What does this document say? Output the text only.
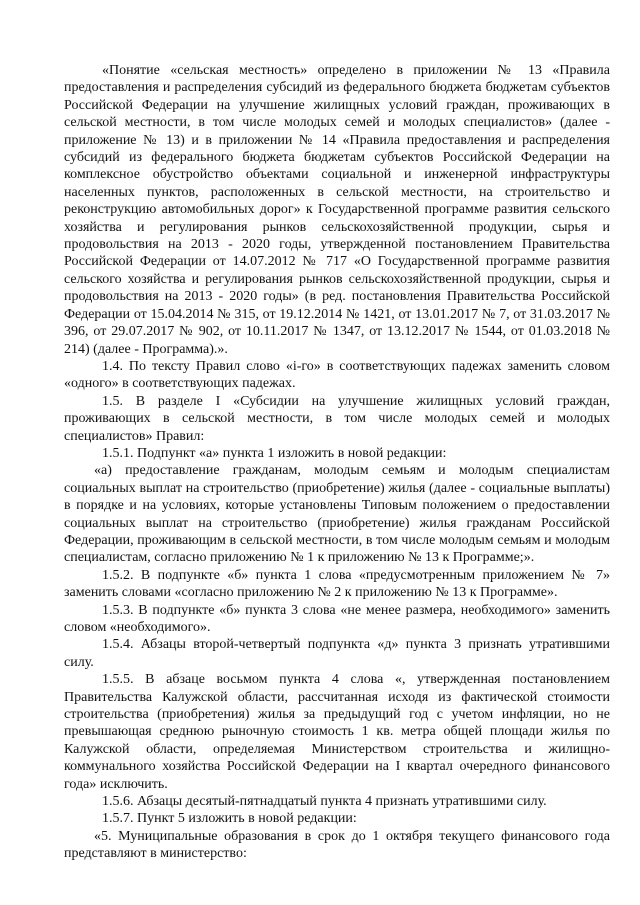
«Понятие «сельская местность» определено в приложении № 13 «Правила предоставления и распределения субсидий из федерального бюджета бюджетам субъектов Российской Федерации на улучшение жилищных условий граждан, проживающих в сельской местности, в том числе молодых семей и молодых специалистов» (далее - приложение № 13) и в приложении № 14 «Правила предоставления и распределения субсидий из федерального бюджета бюджетам субъектов Российской Федерации на комплексное обустройство объектами социальной и инженерной инфраструктуры населенных пунктов, расположенных в сельской местности, на строительство и реконструкцию автомобильных дорог» к Государственной программе развития сельского хозяйства и регулирования рынков сельскохозяйственной продукции, сырья и продовольствия на 2013 - 2020 годы, утвержденной постановлением Правительства Российской Федерации от 14.07.2012 № 717 «О Государственной программе развития сельского хозяйства и регулирования рынков сельскохозяйственной продукции, сырья и продовольствия на 2013 - 2020 годы» (в ред. постановления Правительства Российской Федерации от 15.04.2014 № 315, от 19.12.2014 № 1421, от 13.01.2017 № 7, от 31.03.2017 № 396, от 29.07.2017 № 902, от 10.11.2017 № 1347, от 13.12.2017 № 1544, от 01.03.2018 № 214) (далее - Программа).».

1.4. По тексту Правил слово «i-го» в соответствующих падежах заменить словом «одного» в соответствующих падежах.

1.5. В разделе I «Субсидии на улучшение жилищных условий граждан, проживающих в сельской местности, в том числе молодых семей и молодых специалистов» Правил:

1.5.1. Подпункт «а» пункта 1 изложить в новой редакции:

«а) предоставление гражданам, молодым семьям и молодым специалистам социальных выплат на строительство (приобретение) жилья (далее - социальные выплаты) в порядке и на условиях, которые установлены Типовым положением о предоставлении социальных выплат на строительство (приобретение) жилья гражданам Российской Федерации, проживающим в сельской местности, в том числе молодым семьям и молодым специалистам, согласно приложению № 1 к приложению № 13 к Программе;».

1.5.2. В подпункте «б» пункта 1 слова «предусмотренным приложением № 7» заменить словами «согласно приложению № 2 к приложению № 13 к Программе».

1.5.3. В подпункте «б» пункта 3 слова «не менее размера, необходимого» заменить словом «необходимого».

1.5.4. Абзацы второй-четвертый подпункта «д» пункта 3 признать утратившими силу.

1.5.5. В абзаце восьмом пункта 4 слова «, утвержденная постановлением Правительства Калужской области, рассчитанная исходя из фактической стоимости строительства (приобретения) жилья за предыдущий год с учетом инфляции, но не превышающая среднюю рыночную стоимость 1 кв. метра общей площади жилья по Калужской области, определяемая Министерством строительства и жилищно-коммунального хозяйства Российской Федерации на I квартал очередного финансового года» исключить.

1.5.6. Абзацы десятый-пятнадцатый пункта 4 признать утратившими силу.

1.5.7. Пункт 5 изложить в новой редакции:

«5. Муниципальные образования в срок до 1 октября текущего финансового года представляют в министерство:
